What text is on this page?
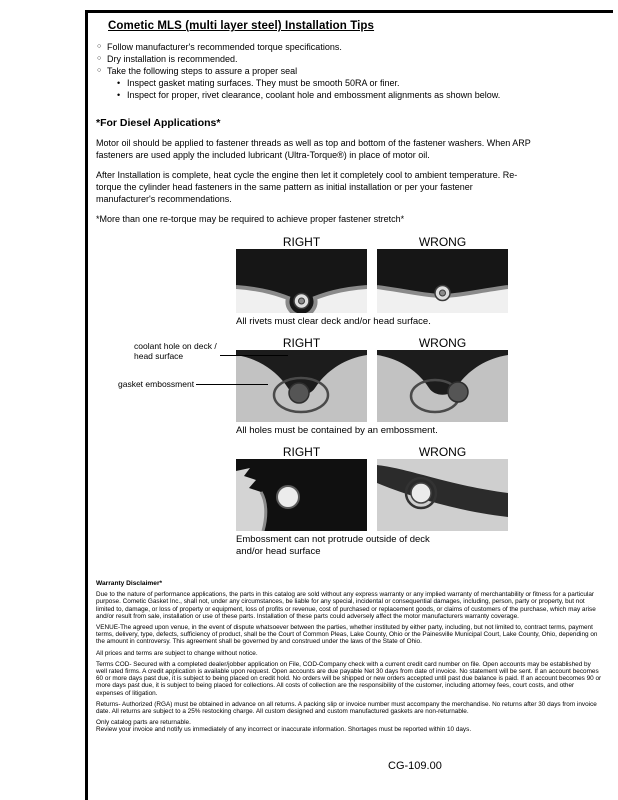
Cometic MLS (multi layer steel) Installation Tips
○ Follow manufacturer's recommended torque specifications.
○ Dry installation is recommended.
○ Take the following steps to assure a proper seal
• Inspect gasket mating surfaces. They must be smooth 50RA or finer.
• Inspect for proper, rivet clearance, coolant hole and embossment alignments as shown below.
*For Diesel Applications*

Motor oil should be applied to fastener threads as well as top and bottom of the fastener washers. When ARP fasteners are used apply the included lubricant (Ultra-Torque®) in place of motor oil.

After Installation is complete, heat cycle the engine then let it completely cool to ambient temperature. Re-torque the cylinder head fasteners in the same pattern as initial installation or per your fastener manufacturer's recommendations.

*More than one re-torque may be required to achieve proper fastener stretch*

RIGHT	WRONG
All rivets must clear deck and/or head surface.
RIGHT	WRONG
All holes must be contained by an embossment.
RIGHT	WRONG
Embossment can not protrude outside of deck and/or head surface
coolant hole on deck / head surface
gasket embossment

Warranty Disclaimer*

Due to the nature of performance applications, the parts in this catalog are sold without any express warranty or any implied warranty of merchantability or fitness for a particular purpose. Cometic Gasket Inc., shall not, under any circumstances, be liable for any special, incidental or consequential damages, including, person, party or property, but not limited to, damage, or loss of property or equipment, loss of profits or revenue, cost of purchased or replacement goods, or claims of customers of the purchase, which may arise and/or result from sale, installation or use of these parts. Installation of these parts could adversely affect the motor manufacturers warranty coverage.

VENUE-The agreed upon venue, in the event of dispute whatsoever between the parties, whether instituted by either party, including, but not limited to, contract terms, payment terms, delivery, type, defects, sufficiency of product, shall be the Court of Common Pleas, Lake County, Ohio or the Painesville Municipal Court, Lake County, Ohio, depending on the amount in controversy. This agreement shall be governed by and construed under the laws of the State of Ohio.

All prices and terms are subject to change without notice.

Terms COD- Secured with a completed dealer/jobber application on File, COD-Company check with a current credit card number on file. Open accounts may be established by well rated firms. A credit application is available upon request. Open accounts are due payable Net 30 days from date of invoice. No statement will be sent. If an account becomes 60 or more days past due, it is subject to being placed on credit hold. No orders will be shipped or new orders accepted until past due balance is paid. If an account becomes 90 or more days past due, it is subject to being placed for collections. All costs of collection are the responsibility of the customer, including attorney fees, court costs, and other expenses of litigation.

Returns- Authorized (RGA) must be obtained in advance on all returns. A packing slip or invoice number must accompany the merchandise. No returns after 30 days from invoice date. All returns are subject to a 25% restocking charge. All custom designed and custom manufactured gaskets are non-returnable.

Only catalog parts are returnable.

Review your invoice and notify us immediately of any incorrect or inaccurate information. Shortages must be reported within 10 days.

CG-109.00
